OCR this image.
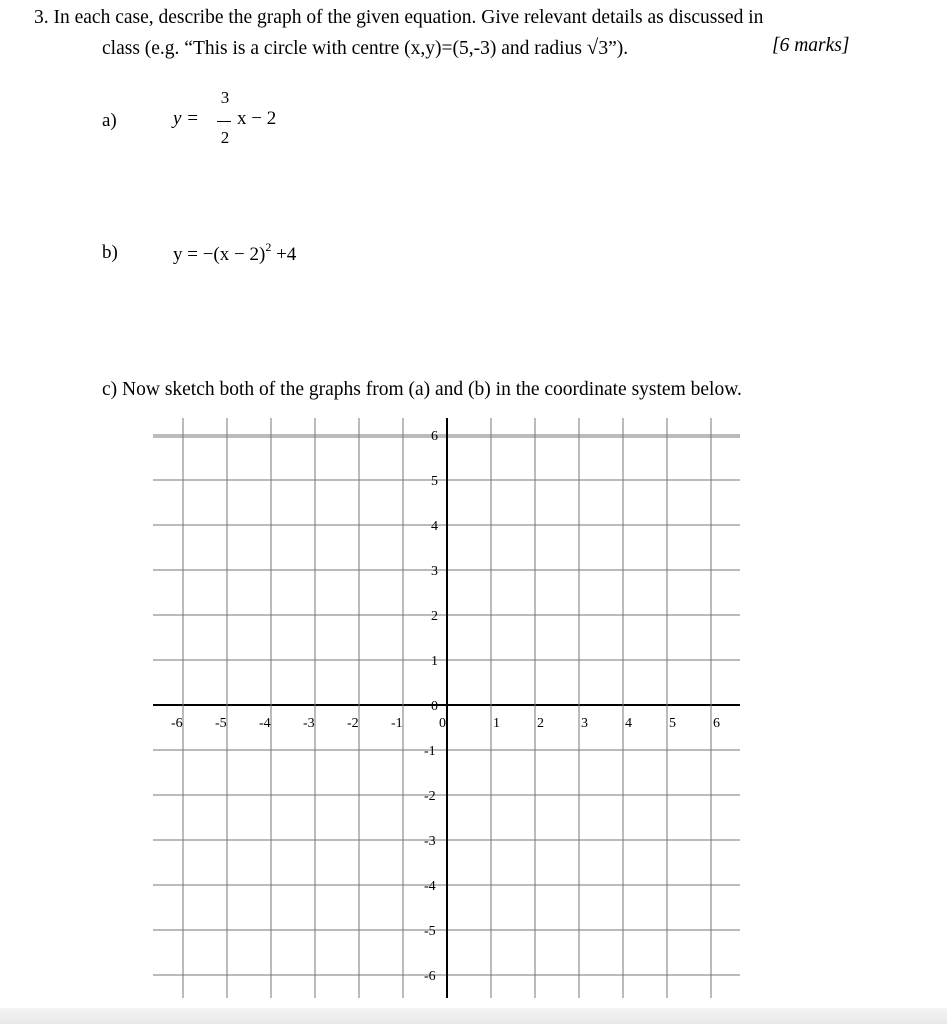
3. In each case, describe the graph of the given equation. Give relevant details as discussed in
class (e.g. “This is a circle with centre (x,y)=(5,-3) and radius √3”).	[6 marks]
a)	y =
3
2
x − 2
b)	$y = -(x - 2)^2 +4$
c) Now sketch both of the graphs from (a) and (b) in the coordinate system below.
-6 -5 -4 -3 -2 -1	0	1	2	3	4	5	6
6
5
4
3
2
1
0
-1
-2
-3
-4
-5
-6
